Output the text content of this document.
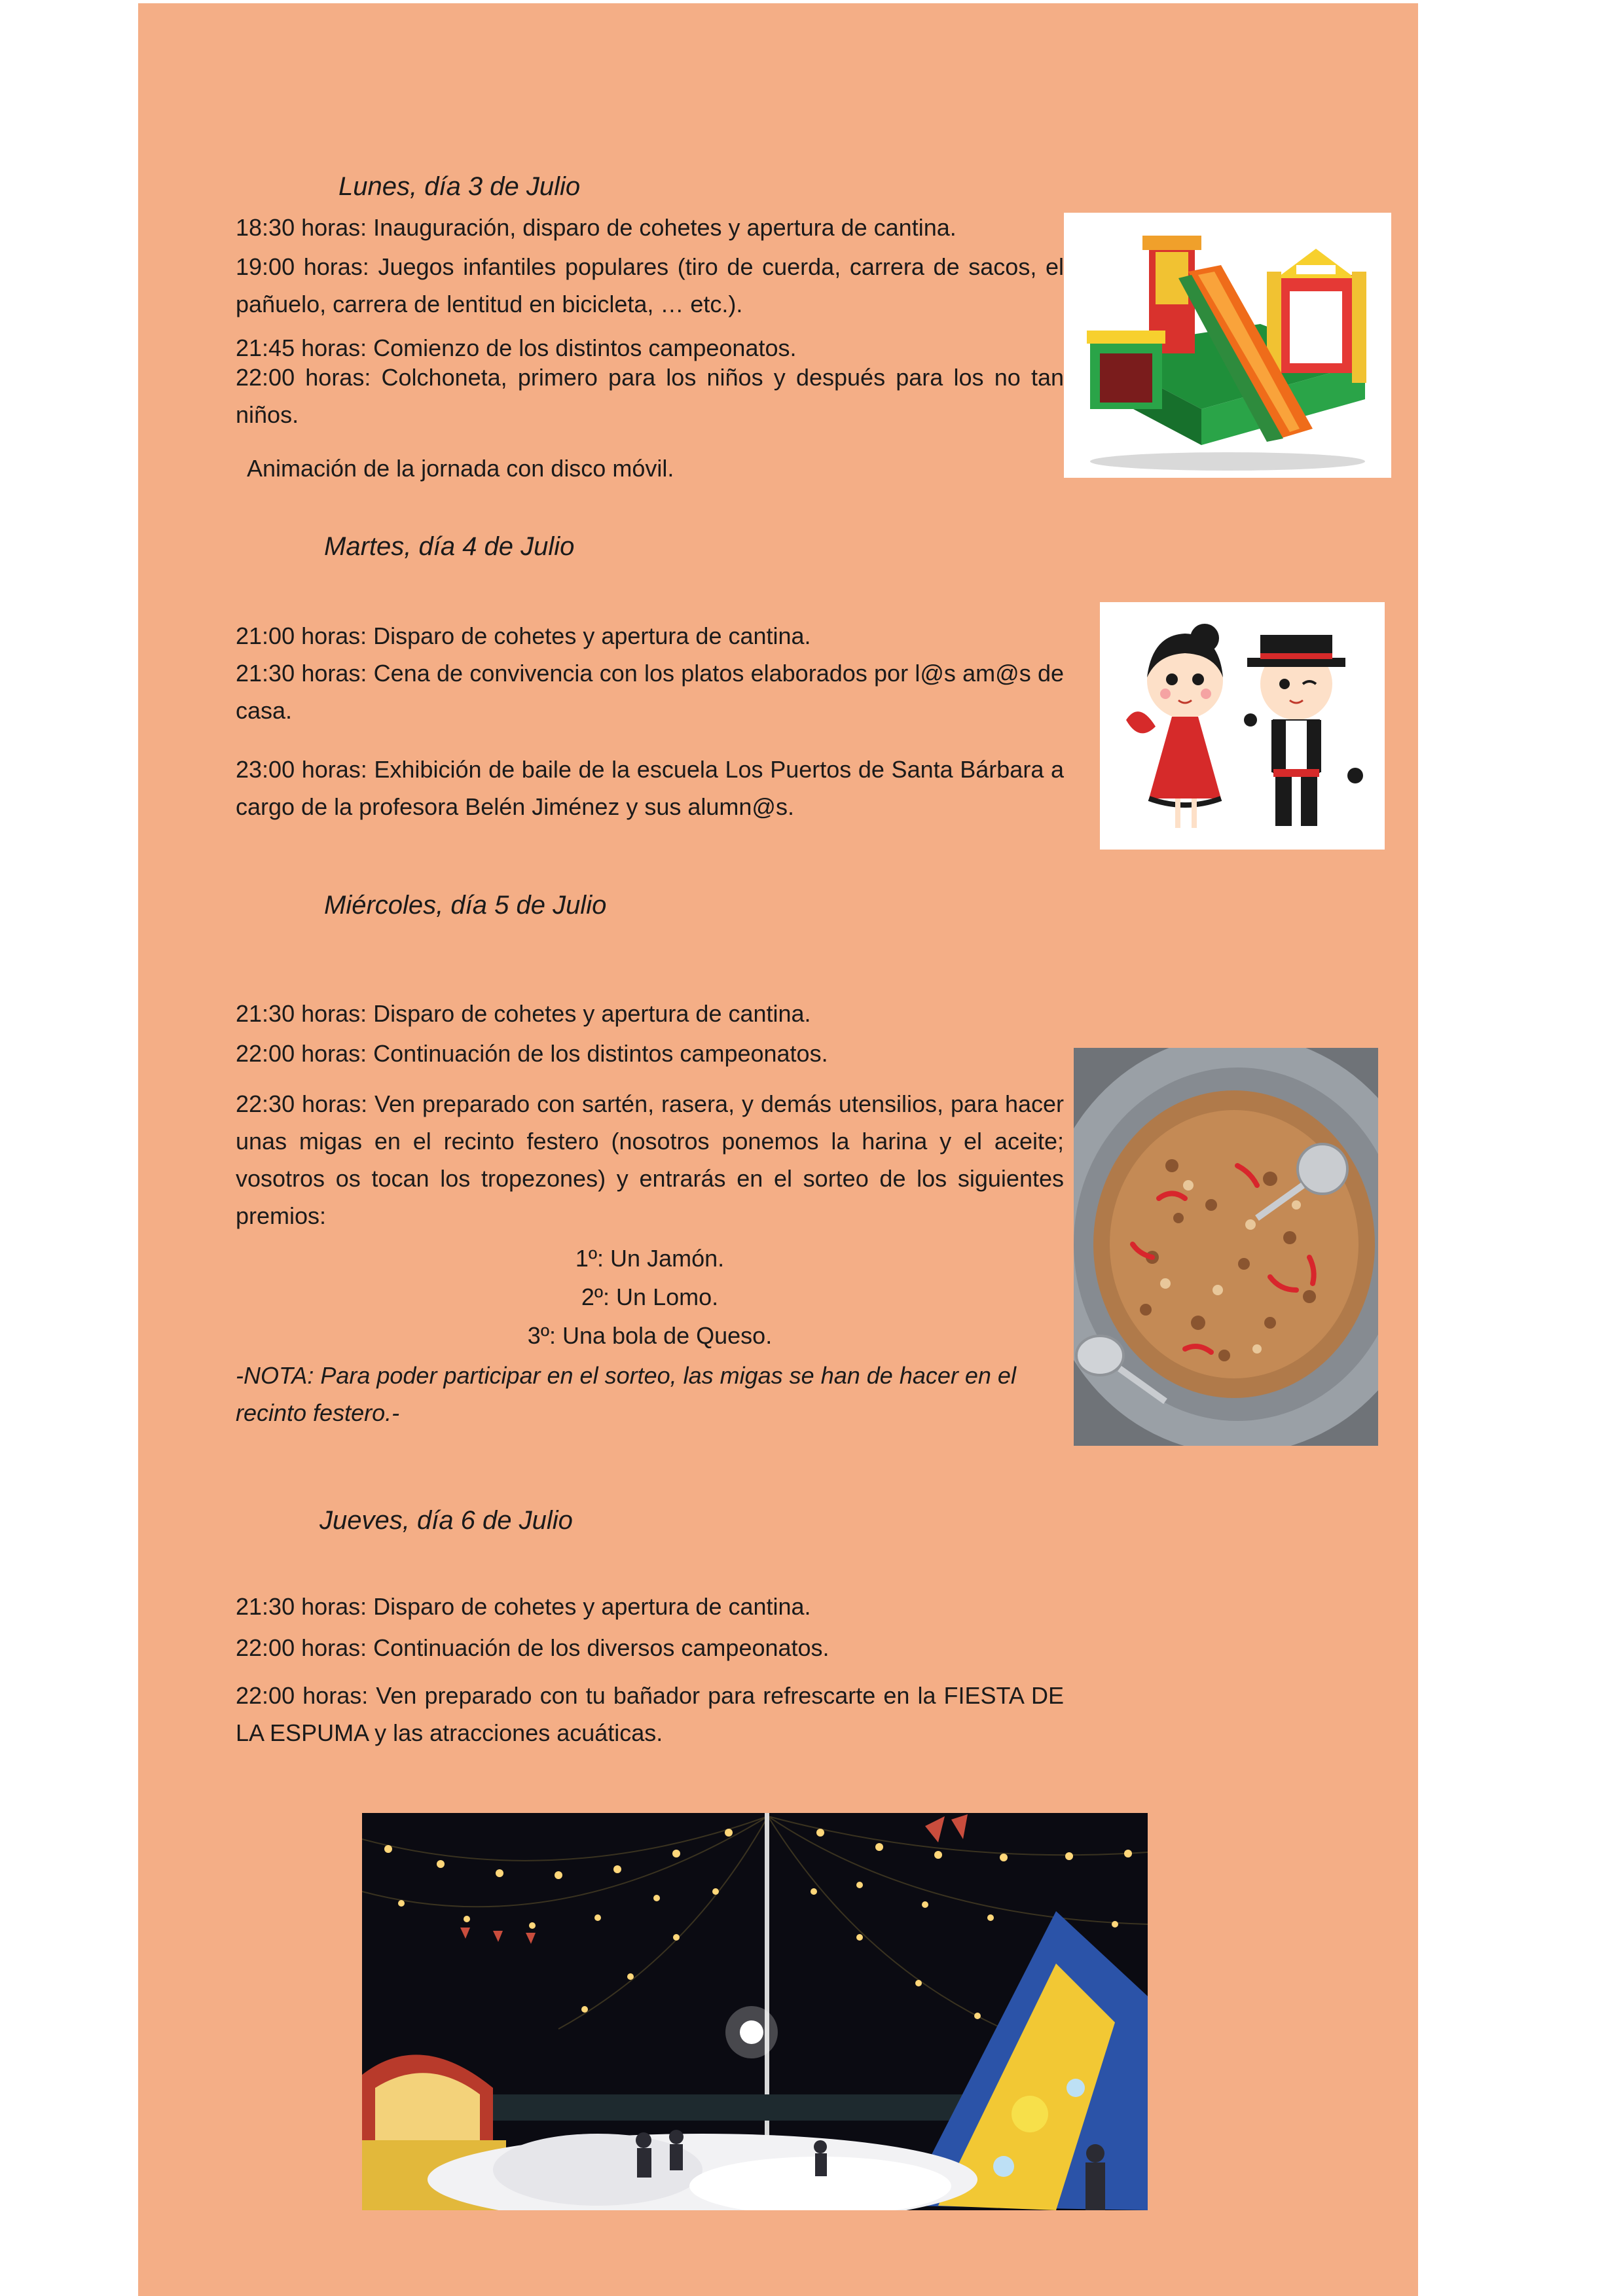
Lunes, día 3 de Julio
18:30 horas: Inauguración, disparo de cohetes y apertura de cantina.
19:00 horas: Juegos infantiles populares (tiro de cuerda, carrera de sacos, el pañuelo, carrera de lentitud en bicicleta, … etc.).
21:45 horas: Comienzo de los distintos campeonatos.
22:00 horas: Colchoneta, primero para los niños y después para los no tan niños.
Animación de la jornada con disco móvil.
Martes, día 4 de Julio
21:00 horas: Disparo de cohetes y apertura de cantina.
21:30 horas: Cena de convivencia con los platos elaborados por l@s am@s de casa.
23:00 horas: Exhibición de baile de la escuela Los Puertos de Santa Bárbara a cargo de la profesora Belén Jiménez y sus alumn@s.
Miércoles, día 5 de Julio
21:30 horas: Disparo de cohetes y apertura de cantina.
22:00 horas: Continuación de los distintos campeonatos.
22:30 horas: Ven preparado con sartén, rasera, y demás utensilios, para hacer unas migas en el recinto festero (nosotros ponemos la harina y el aceite; vosotros os tocan los tropezones) y entrarás en el sorteo de los siguientes premios:
1º: Un Jamón.
2º: Un Lomo.
3º: Una bola de Queso.
-NOTA: Para poder participar en el sorteo, las migas se han de hacer en el recinto festero.-
Jueves, día 6 de Julio
21:30 horas: Disparo de cohetes y apertura de cantina.
22:00 horas: Continuación de los diversos campeonatos.
22:00 horas: Ven preparado con tu bañador para refrescarte en la FIESTA DE LA ESPUMA y las atracciones acuáticas.
